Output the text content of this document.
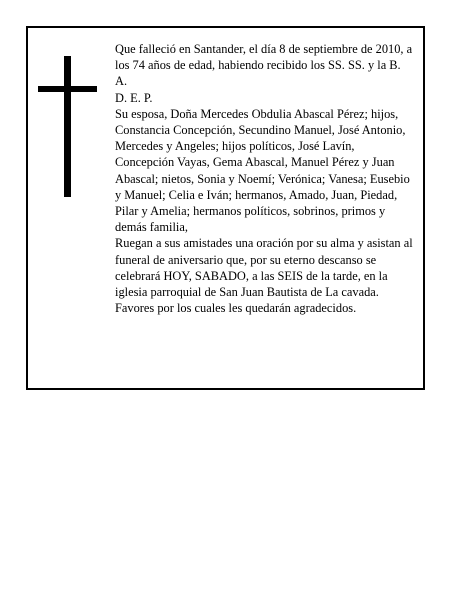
Que falleció en Santander, el día 8 de septiembre de 2010, a los 74 años de edad, habiendo recibido los SS. SS. y la B. A.

D. E. P.

Su esposa, Doña Mercedes Obdulia Abascal Pérez; hijos, Constancia Concepción, Secundino Manuel, José Antonio, Mercedes y Angeles; hijos políticos, José Lavín, Concepción Vayas, Gema Abascal, Manuel Pérez y Juan Abascal; nietos, Sonia y Noemí; Verónica; Vanesa; Eusebio y Manuel; Celia e Iván; hermanos, Amado, Juan, Piedad, Pilar y Amelia; hermanos políticos, sobrinos, primos y demás familia,

Ruegan a sus amistades una oración por su alma y asistan al funeral de aniversario que, por su eterno descanso se celebrará HOY, SABADO, a las SEIS de la tarde, en la iglesia parroquial de San Juan Bautista de La cavada. Favores por los cuales les quedarán agradecidos.
